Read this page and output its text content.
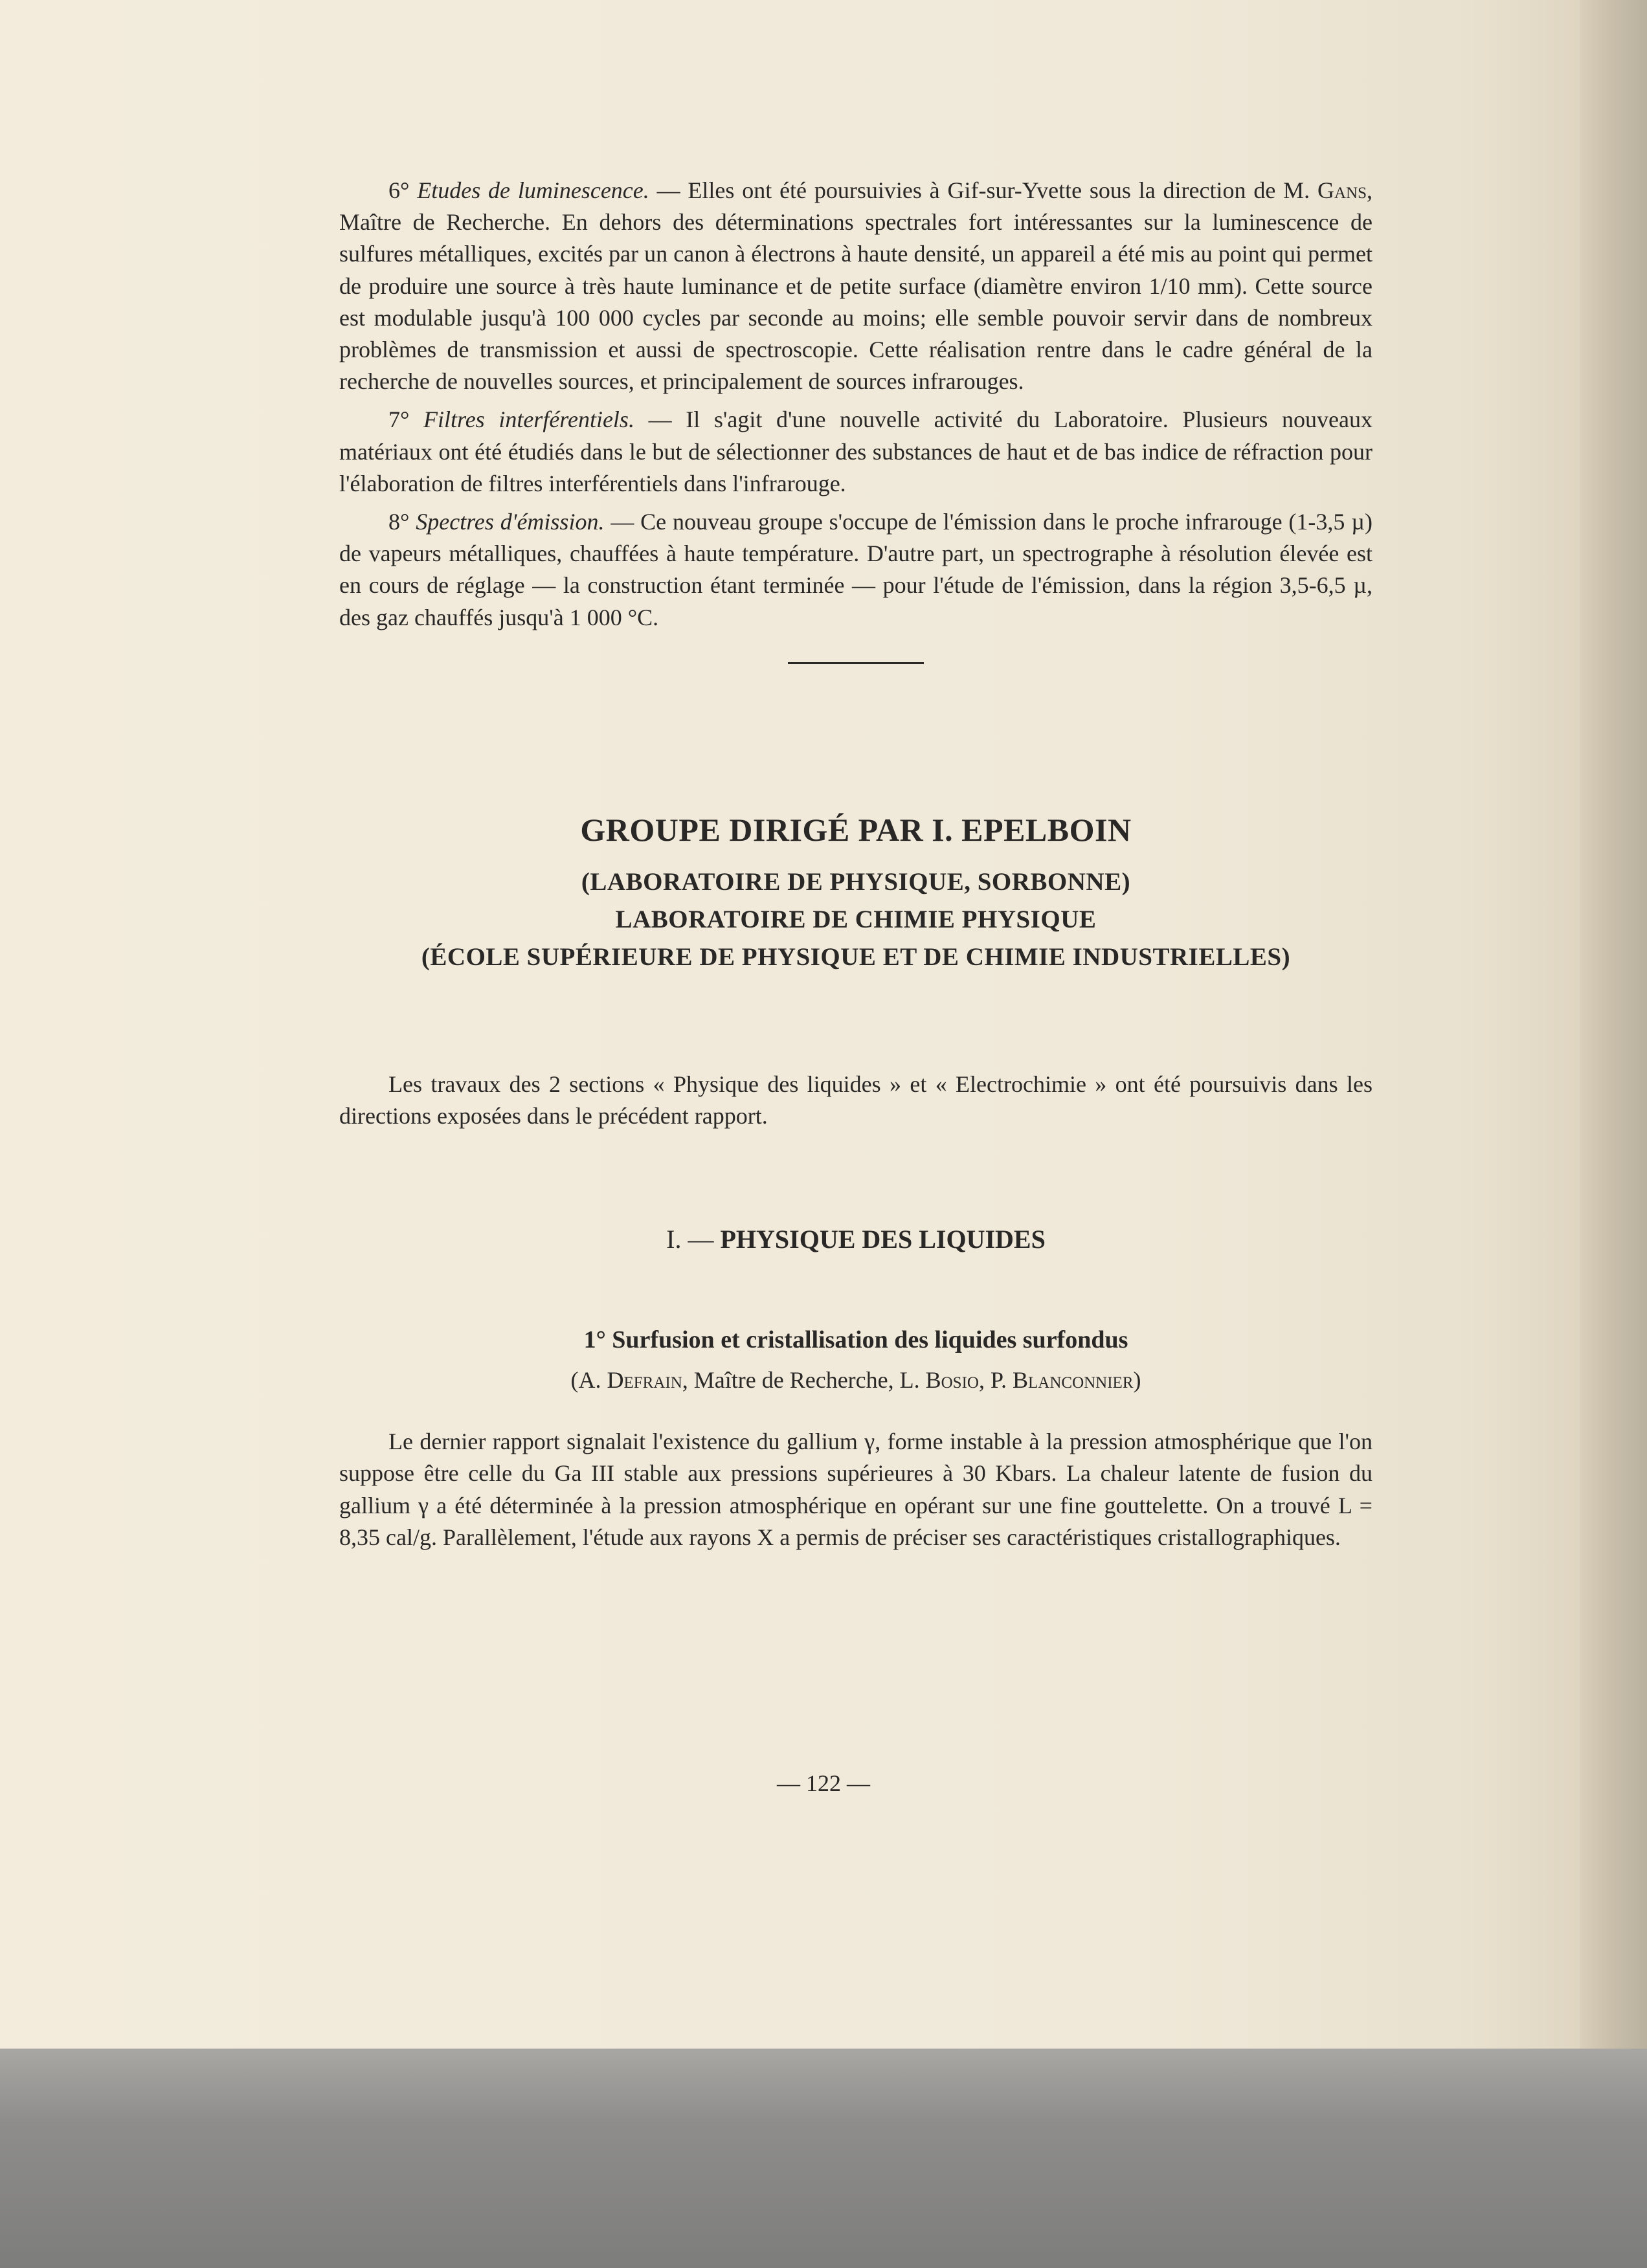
6° Etudes de luminescence. — Elles ont été poursuivies à Gif-sur-Yvette sous la direction de M. Gans, Maître de Recherche. En dehors des déterminations spectrales fort intéressantes sur la luminescence de sulfures métalliques, excités par un canon à électrons à haute densité, un appareil a été mis au point qui permet de produire une source à très haute luminance et de petite surface (diamètre environ 1/10 mm). Cette source est modulable jusqu'à 100 000 cycles par seconde au moins; elle semble pouvoir servir dans de nombreux problèmes de transmission et aussi de spectroscopie. Cette réalisation rentre dans le cadre général de la recherche de nouvelles sources, et principalement de sources infrarouges.

7° Filtres interférentiels. — Il s'agit d'une nouvelle activité du Laboratoire. Plusieurs nouveaux matériaux ont été étudiés dans le but de sélectionner des substances de haut et de bas indice de réfraction pour l'élaboration de filtres interférentiels dans l'infrarouge.

8° Spectres d'émission. — Ce nouveau groupe s'occupe de l'émission dans le proche infrarouge (1-3,5 µ) de vapeurs métalliques, chauffées à haute température. D'autre part, un spectrographe à résolution élevée est en cours de réglage — la construction étant terminée — pour l'étude de l'émission, dans la région 3,5-6,5 µ, des gaz chauffés jusqu'à 1 000 °C.

GROUPE DIRIGÉ PAR I. EPELBOIN

(LABORATOIRE DE PHYSIQUE, SORBONNE)

LABORATOIRE DE CHIMIE PHYSIQUE

(ÉCOLE SUPÉRIEURE DE PHYSIQUE ET DE CHIMIE INDUSTRIELLES)

Les travaux des 2 sections « Physique des liquides » et « Electrochimie » ont été poursuivis dans les directions exposées dans le précédent rapport.

I. — PHYSIQUE DES LIQUIDES

1° Surfusion et cristallisation des liquides surfondus

(A. Defrain, Maître de Recherche, L. Bosio, P. Blanconnier)

Le dernier rapport signalait l'existence du gallium γ, forme instable à la pression atmosphérique que l'on suppose être celle du Ga III stable aux pressions supérieures à 30 Kbars. La chaleur latente de fusion du gallium γ a été déterminée à la pression atmosphérique en opérant sur une fine gouttelette. On a trouvé L = 8,35 cal/g. Parallèlement, l'étude aux rayons X a permis de préciser ses caractéristiques cristallographiques.

— 122 —
